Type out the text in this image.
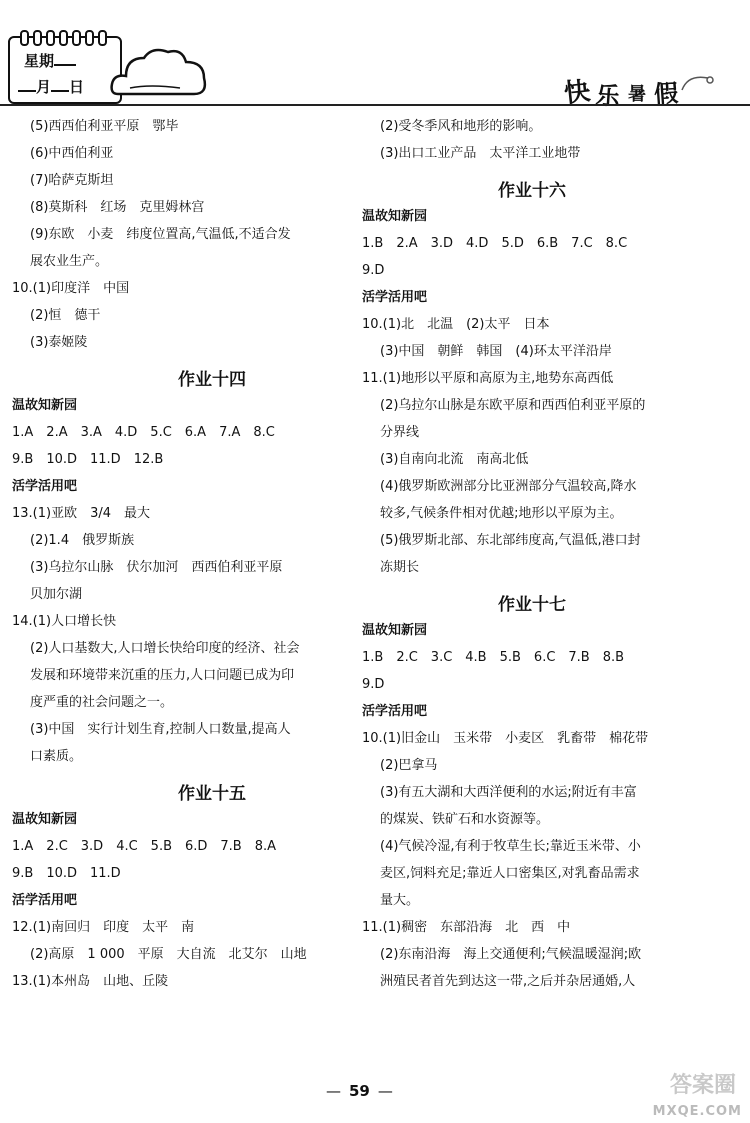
星期
月 日	快 乐 暑 假
(5)西西伯利亚平原　鄂毕
(6)中西伯利亚
(7)哈萨克斯坦
(8)莫斯科　红场　克里姆林宫
(9)东欧　小麦　纬度位置高,气温低,不适合发
展农业生产。
10.(1)印度洋　中国
(2)恒　德干
(3)泰姬陵
作业十四
温故知新园
1.A　2.A　3.A　4.D　5.C　6.A　7.A　8.C
9.B　10.D　11.D　12.B
活学活用吧
13.(1)亚欧　3/4　最大
(2)1.4　俄罗斯族
(3)乌拉尔山脉　伏尔加河　西西伯利亚平原
贝加尔湖
14.(1)人口增长快
(2)人口基数大,人口增长快给印度的经济、社会
发展和环境带来沉重的压力,人口问题已成为印
度严重的社会问题之一。
(3)中国　实行计划生育,控制人口数量,提高人
口素质。
作业十五
温故知新园
1.A　2.C　3.D　4.C　5.B　6.D　7.B　8.A
9.B　10.D　11.D
活学活用吧
12.(1)南回归　印度　太平　南
(2)高原　1 000　平原　大自流　北艾尔　山地
13.(1)本州岛　山地、丘陵
(2)受冬季风和地形的影响。
(3)出口工业产品　太平洋工业地带
作业十六
温故知新园
1.B　2.A　3.D　4.D　5.D　6.B　7.C　8.C
9.D
活学活用吧
10.(1)北　北温　(2)太平　日本
(3)中国　朝鲜　韩国　(4)环太平洋沿岸
11.(1)地形以平原和高原为主,地势东高西低
(2)乌拉尔山脉是东欧平原和西西伯利亚平原的
分界线
(3)自南向北流　南高北低
(4)俄罗斯欧洲部分比亚洲部分气温较高,降水
较多,气候条件相对优越;地形以平原为主。
(5)俄罗斯北部、东北部纬度高,气温低,港口封
冻期长
作业十七
温故知新园
1.B　2.C　3.C　4.B　5.B　6.C　7.B　8.B
9.D
活学活用吧
10.(1)旧金山　玉米带　小麦区　乳畜带　棉花带
(2)巴拿马
(3)有五大湖和大西洋便利的水运;附近有丰富
的煤炭、铁矿石和水资源等。
(4)气候冷湿,有利于牧草生长;靠近玉米带、小
麦区,饲料充足;靠近人口密集区,对乳畜品需求
量大。
11.(1)稠密　东部沿海　北　西　中
(2)东南沿海　海上交通便利;气候温暖湿润;欧
洲殖民者首先到达这一带,之后并杂居通婚,人
— 59 —	答案圈
MXQE.COM
